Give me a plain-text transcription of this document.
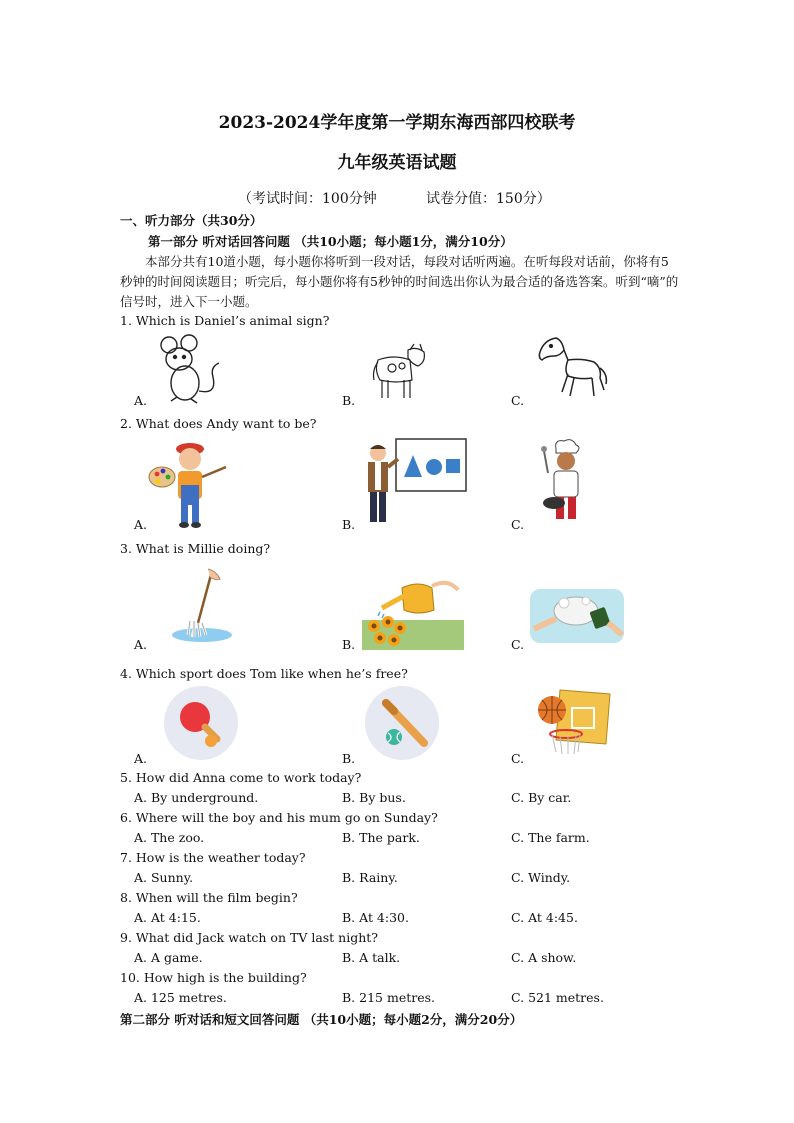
2023-2024学年度第一学期东海西部四校联考
九年级英语试题
（考试时间：100分钟	试卷分值：150分）
一、听力部分（共30分）
第一部分 听对话回答问题 （共10小题；每小题1分，满分10分）
本部分共有10道小题，每小题你将听到一段对话，每段对话听两遍。在听每段对话前，你将有5秒钟的时间阅读题目；听完后，每小题你将有5秒钟的时间选出你认为最合适的备选答案。听到“嘀”的信号时，进入下一小题。
1. Which is Daniel’s animal sign?
A.	B.	C.
2. What does Andy want to be?
A.	B.	C.
3. What is Millie doing?
A.	B.	C.
4. Which sport does Tom like when he’s free?
A.	B.	C.
5. How did Anna come to work today?
A. By underground.	B. By bus.	C. By car.
6. Where will the boy and his mum go on Sunday?
A. The zoo.	B. The park.	C. The farm.
7. How is the weather today?
A. Sunny.	B. Rainy.	C. Windy.
8. When will the film begin?
A. At 4:15.	B. At 4:30.	C. At 4:45.
9. What did Jack watch on TV last night?
A. A game.	B. A talk.	C. A show.
10. How high is the building?
A. 125 metres.	B. 215 metres.	C. 521 metres.
第二部分 听对话和短文回答问题 （共10小题；每小题2分，满分20分）
